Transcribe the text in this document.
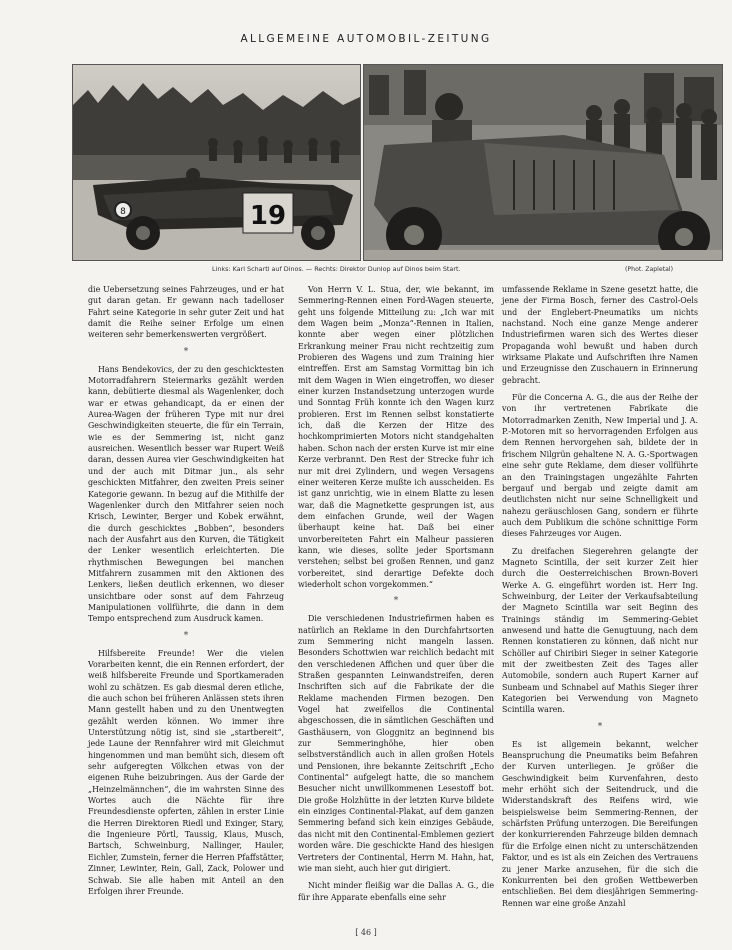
ALLGEMEINE AUTOMOBIL-ZEITUNG
19
8
Links: Karl Schartl auf Dinos. — Rechts: Direktor Dunlop auf Dinos beim Start.	(Phot. Zapletal)

die Uebersetzung seines Fahrzeuges, und er hat gut daran getan. Er gewann nach tadelloser Fahrt seine Kategorie in sehr guter Zeit und hat damit die Reihe seiner Erfolge um einen weiteren sehr bemerkenswerten vergrößert.

*

Hans Bendekovics, der zu den geschicktesten Motorradfahrern Steiermarks gezählt werden kann, debütierte diesmal als Wagenlenker, doch war er etwas gehandicapt, da er einen der Aurea-Wagen der früheren Type mit nur drei Geschwindigkeiten steuerte, die für ein Terrain, wie es der Semmering ist, nicht ganz ausreichen. Wesentlich besser war Rupert Weiß daran, dessen Aurea vier Geschwindigkeiten hat und der auch mit Ditmar jun., als sehr geschickten Mitfahrer, den zweiten Preis seiner Kategorie gewann. In bezug auf die Mithilfe der Wagenlenker durch den Mitfahrer seien noch Krisch, Lewinter, Berger und Kobek erwähnt, die durch geschicktes „Bobben“, besonders nach der Ausfahrt aus den Kurven, die Tätigkeit der Lenker wesentlich erleichterten. Die rhythmischen Bewegungen bei manchen Mitfahrern zusammen mit den Aktionen des Lenkers, ließen deutlich erkennen, wo dieser unsichtbare oder sonst auf dem Fahrzeug Manipulationen vollführte, die dann in dem Tempo entsprechend zum Ausdruck kamen.

*

Hilfsbereite Freunde! Wer die vielen Vorarbeiten kennt, die ein Rennen erfordert, der weiß hilfsbereite Freunde und Sportkameraden wohl zu schätzen. Es gab diesmal deren etliche, die auch schon bei früheren Anlässen stets ihren Mann gestellt haben und zu den Unentwegten gezählt werden können. Wo immer ihre Unterstützung nötig ist, sind sie „startbereit“, jede Laune der Rennfahrer wird mit Gleichmut hingenommen und man bemüht sich, diesem oft sehr aufgeregten Völkchen etwas von der eigenen Ruhe beizubringen. Aus der Garde der „Heinzelmännchen“, die im wahrsten Sinne des Wortes auch die Nächte für ihre Freundesdienste opferten, zählen in erster Linie die Herren Direktoren Riedl und Exinger, Stary, die Ingenieure Pörtl, Taussig, Klaus, Musch, Bartsch, Schweinburg, Nallinger, Hauler, Eichler, Zumstein, ferner die Herren Pfaffstätter, Zinner, Lewinter, Rein, Gall, Zack, Polower und Schwab. Sie alle haben mit Anteil an den Erfolgen ihrer Freunde.

Von Herrn V. L. Stua, der, wie bekannt, im Semmering-Rennen einen Ford-Wagen steuerte, geht uns folgende Mitteilung zu: „Ich war mit dem Wagen beim „Monza“-Rennen in Italien, konnte aber wegen einer plötzlichen Erkrankung meiner Frau nicht rechtzeitig zum Probieren des Wagens und zum Training hier eintreffen. Erst am Samstag Vormittag bin ich mit dem Wagen in Wien eingetroffen, wo dieser einer kurzen Instandsetzung unterzogen wurde und Sonntag Früh konnte ich den Wagen kurz probieren. Erst im Rennen selbst konstatierte ich, daß die Kerzen der Hitze des hochkomprimierten Motors nicht standgehalten haben. Schon nach der ersten Kurve ist mir eine Kerze verbrannt. Den Rest der Strecke fuhr ich nur mit drei Zylindern, und wegen Versagens einer weiteren Kerze mußte ich ausscheiden. Es ist ganz unrichtig, wie in einem Blatte zu lesen war, daß die Magnetkette gesprungen ist, aus dem einfachen Grunde, weil der Wagen überhaupt keine hat. Daß bei einer unvorbereiteten Fahrt ein Malheur passieren kann, wie dieses, sollte jeder Sportsmann verstehen; selbst bei großen Rennen, und ganz vorbereitet, sind derartige Defekte doch wiederholt schon vorgekommen.“

*

Die verschiedenen Industriefirmen haben es natürlich an Reklame in den Durchfahrtsorten zum Semmering nicht mangeln lassen. Besonders Schottwien war reichlich bedacht mit den verschiedenen Affichen und quer über die Straßen gespannten Leinwandstreifen, deren Inschriften sich auf die Fabrikate der die Reklame machenden Firmen bezogen. Den Vogel hat zweifellos die Continental abgeschossen, die in sämtlichen Geschäften und Gasthäusern, von Gloggnitz an beginnend bis zur Semmeringhöhe, hier oben selbstverständlich auch in allen großen Hotels und Pensionen, ihre bekannte Zeitschrift „Echo Continental“ aufgelegt hatte, die so manchem Besucher nicht unwillkommenen Lesestoff bot. Die große Holzhütte in der letzten Kurve bildete ein einziges Continental-Plakat, auf dem ganzen Semmering befand sich kein einziges Gebäude, das nicht mit den Continental-Emblemen geziert worden wäre. Die geschickte Hand des hiesigen Vertreters der Continental, Herrn M. Hahn, hat, wie man sieht, auch hier gut dirigiert.

Nicht minder fleißig war die Dallas A. G., die für ihre Apparate ebenfalls eine sehr

umfassende Reklame in Szene gesetzt hatte, die jene der Firma Bosch, ferner des Castrol-Oels und der Englebert-Pneumatiks um nichts nachstand. Noch eine ganze Menge anderer Industriefirmen waren sich des Wertes dieser Propaganda wohl bewußt und haben durch wirksame Plakate und Aufschriften ihre Namen und Erzeugnisse den Zuschauern in Erinnerung gebracht.

Für die Concerna A. G., die aus der Reihe der von ihr vertretenen Fabrikate die Motorradmarken Zenith, New Imperial und J. A. P.-Motoren mit so hervorragenden Erfolgen aus dem Rennen hervorgehen sah, bildete der in frischem Nilgrün gehaltene N. A. G.-Sportwagen eine sehr gute Reklame, dem dieser vollführte an den Trainingstagen ungezählte Fahrten bergauf und bergab und zeigte damit am deutlichsten nicht nur seine Schnelligkeit und nahezu geräuschlosen Gang, sondern er führte auch dem Publikum die schöne schnittige Form dieses Fahrzeuges vor Augen.

Zu dreifachen Siegerehren gelangte der Magneto Scintilla, der seit kurzer Zeit hier durch die Oesterreichischen Brown-Boveri Werke A. G. eingeführt worden ist. Herr Ing. Schweinburg, der Leiter der Verkaufsabteilung der Magneto Scintilla war seit Beginn des Trainings ständig im Semmering-Gebiet anwesend und hatte die Genugtuung, nach dem Rennen konstatieren zu können, daß nicht nur Schöller auf Chiribiri Sieger in seiner Kategorie mit der zweitbesten Zeit des Tages aller Automobile, sondern auch Rupert Karner auf Sunbeam und Schnabel auf Mathis Sieger ihrer Kategorien bei Verwendung von Magneto Scintilla waren.

*

Es ist allgemein bekannt, welcher Beanspruchung die Pneumatiks beim Befahren der Kurven unterliegen. Je größer die Geschwindigkeit beim Kurvenfahren, desto mehr erhöht sich der Seitendruck, und die Widerstandskraft des Reifens wird, wie beispielsweise beim Semmering-Rennen, der schärfsten Prüfung unterzogen. Die Bereifungen der konkurrierenden Fahrzeuge bilden demnach für die Erfolge einen nicht zu unterschätzenden Faktor, und es ist als ein Zeichen des Vertrauens zu jener Marke anzusehen, für die sich die Konkurrenten bei den großen Wettbewerben entschließen. Bei dem diesjährigen Semmering-Rennen war eine große Anzahl

[ 46 ]
